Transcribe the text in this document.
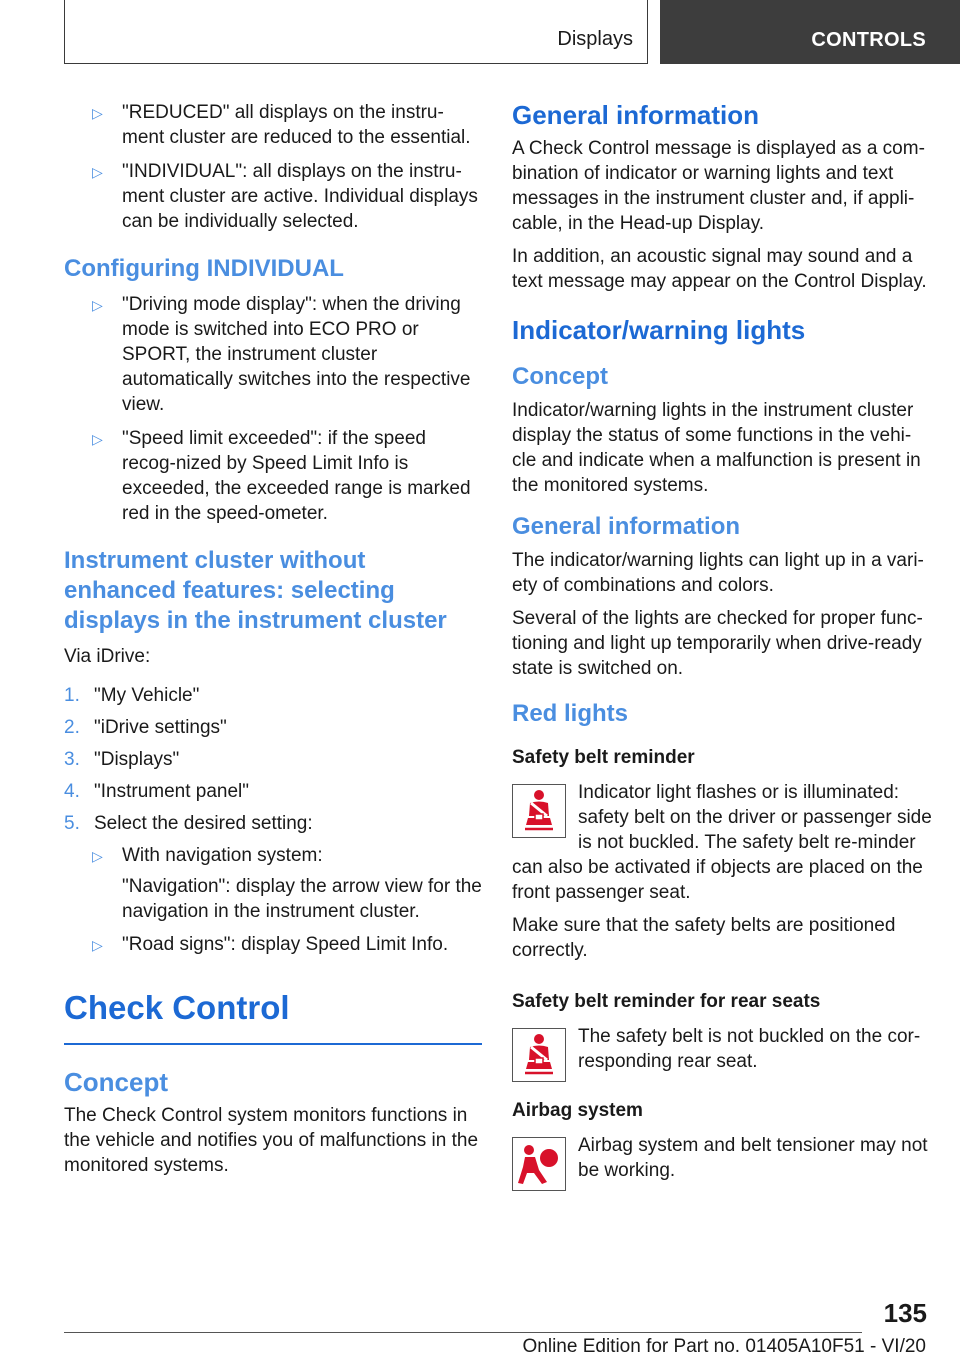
Displays	CONTROLS
▷ "REDUCED" all displays on the instru-ment cluster are reduced to the essential.
▷ "INDIVIDUAL": all displays on the instru-ment cluster are active. Individual displays can be individually selected.
Configuring INDIVIDUAL
▷ "Driving mode display": when the driving mode is switched into ECO PRO or SPORT, the instrument cluster automatically switches into the respective view.
▷ "Speed limit exceeded": if the speed recog-nized by Speed Limit Info is exceeded, the exceeded range is marked red in the speed-ometer.
Instrument cluster without enhanced features: selecting displays in the instrument cluster

Via iDrive:

1. "My Vehicle"
2. "iDrive settings"
3. "Displays"
4. "Instrument panel"
5. Select the desired setting:
▷ With navigation system:
"Navigation": display the arrow view for the navigation in the instrument cluster.
▷ "Road signs": display Speed Limit Info.
Check Control
Concept

The Check Control system monitors functions in the vehicle and notifies you of malfunctions in the monitored systems.

General information

A Check Control message is displayed as a com-bination of indicator or warning lights and text messages in the instrument cluster and, if appli-cable, in the Head-up Display.

In addition, an acoustic signal may sound and a text message may appear on the Control Display.

Indicator/warning lights
Concept

Indicator/warning lights in the instrument cluster display the status of some functions in the vehi-cle and indicate when a malfunction is present in the monitored systems.

General information

The indicator/warning lights can light up in a vari-ety of combinations and colors.

Several of the lights are checked for proper func-tioning and light up temporarily when drive-ready state is switched on.

Red lights
Safety belt reminder

Indicator light flashes or is illuminated: safety belt on the driver or passenger side is not buckled. The safety belt re-minder can also be activated if objects are placed on the front passenger seat.

Make sure that the safety belts are positioned correctly.

Safety belt reminder for rear seats

The safety belt is not buckled on the cor-responding rear seat.

Airbag system

Airbag system and belt tensioner may not be working.

135
Online Edition for Part no. 01405A10F51 - VI/20
